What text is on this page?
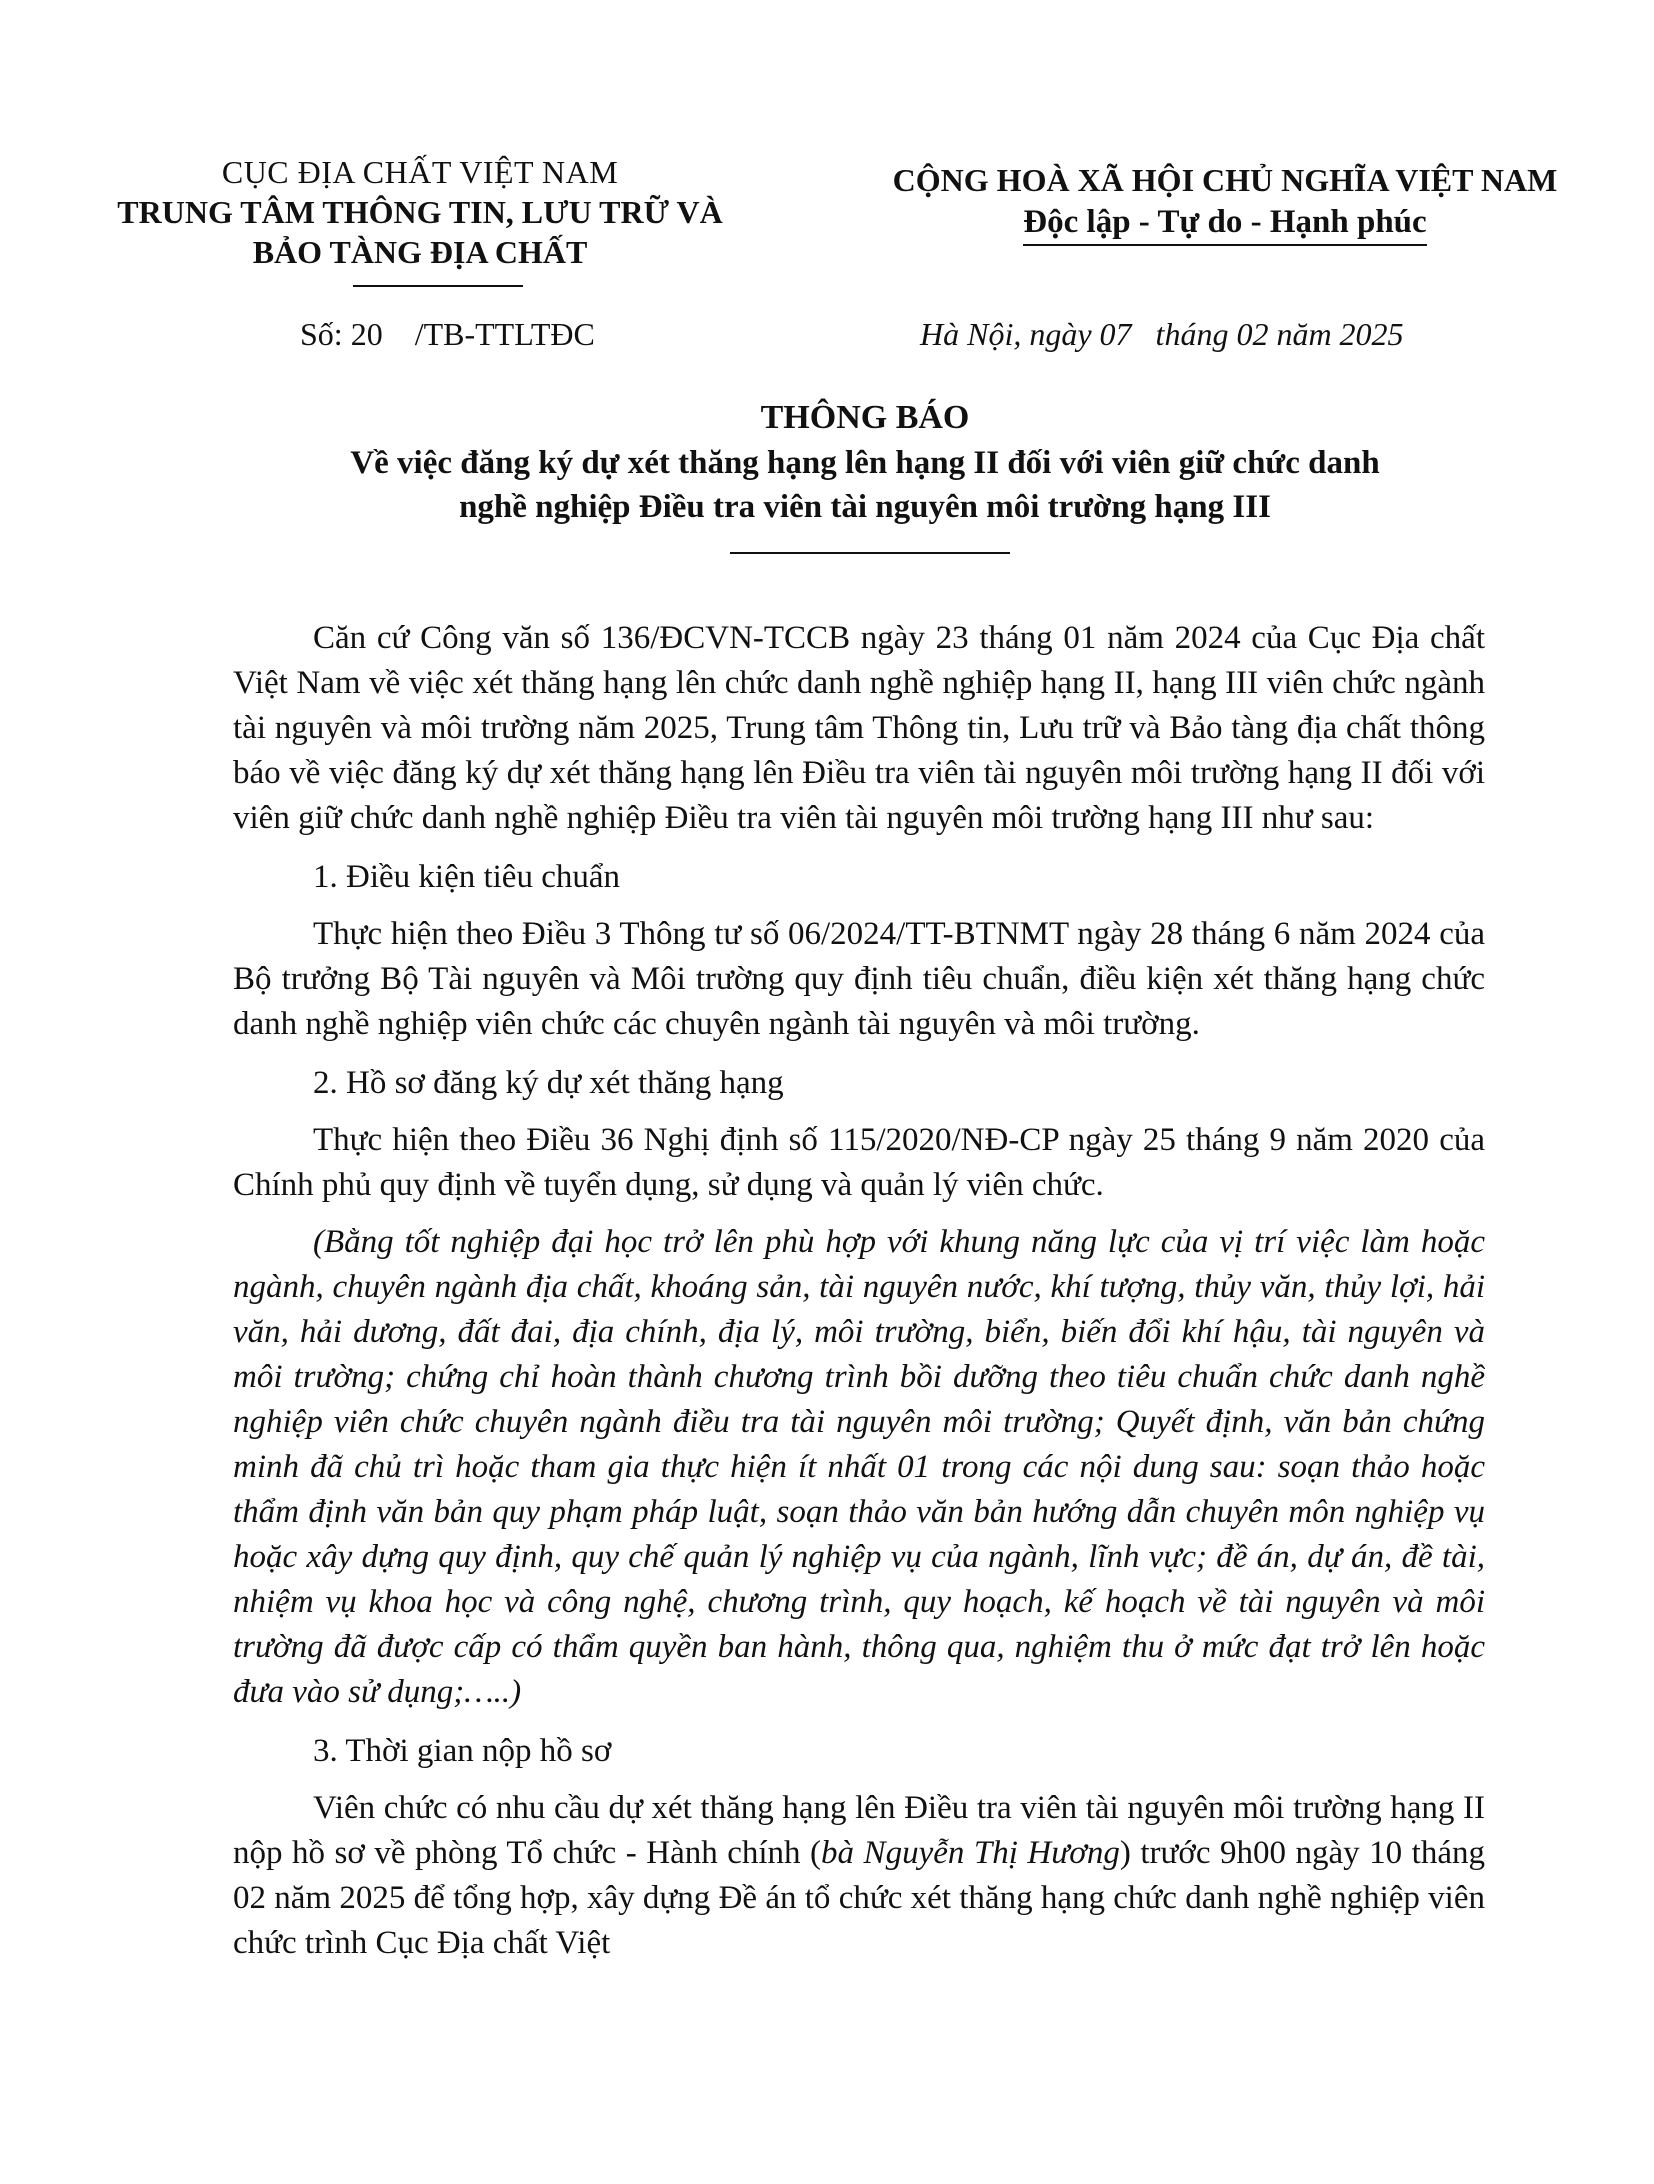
CỤC ĐỊA CHẤT VIỆT NAM
TRUNG TÂM THÔNG TIN, LƯU TRỮ VÀ
BẢO TÀNG ĐỊA CHẤT
CỘNG HOÀ XÃ HỘI CHỦ NGHĨA VIỆT NAM
Độc lập - Tự do - Hạnh phúc
Số: 20    /TB-TTLTĐC	Hà Nội, ngày 07   tháng 02 năm 2025
THÔNG BÁO
Về việc đăng ký dự xét thăng hạng lên hạng II đối với viên giữ chức danh
nghề nghiệp Điều tra viên tài nguyên môi trường hạng III

Căn cứ Công văn số 136/ĐCVN-TCCB ngày 23 tháng 01 năm 2024 của Cục Địa chất Việt Nam về việc xét thăng hạng lên chức danh nghề nghiệp hạng II, hạng III viên chức ngành tài nguyên và môi trường năm 2025, Trung tâm Thông tin, Lưu trữ và Bảo tàng địa chất thông báo về việc đăng ký dự xét thăng hạng lên Điều tra viên tài nguyên môi trường hạng II đối với viên giữ chức danh nghề nghiệp Điều tra viên tài nguyên môi trường hạng III như sau:

1. Điều kiện tiêu chuẩn

Thực hiện theo Điều 3 Thông tư số 06/2024/TT-BTNMT ngày 28 tháng 6 năm 2024 của Bộ trưởng Bộ Tài nguyên và Môi trường quy định tiêu chuẩn, điều kiện xét thăng hạng chức danh nghề nghiệp viên chức các chuyên ngành tài nguyên và môi trường.

2. Hồ sơ đăng ký dự xét thăng hạng

Thực hiện theo Điều 36 Nghị định số 115/2020/NĐ-CP ngày 25 tháng 9 năm 2020 của Chính phủ quy định về tuyển dụng, sử dụng và quản lý viên chức.

(Bằng tốt nghiệp đại học trở lên phù hợp với khung năng lực của vị trí việc làm hoặc ngành, chuyên ngành địa chất, khoáng sản, tài nguyên nước, khí tượng, thủy văn, thủy lợi, hải văn, hải dương, đất đai, địa chính, địa lý, môi trường, biển, biến đổi khí hậu, tài nguyên và môi trường; chứng chỉ hoàn thành chương trình bồi dưỡng theo tiêu chuẩn chức danh nghề nghiệp viên chức chuyên ngành điều tra tài nguyên môi trường; Quyết định, văn bản chứng minh đã chủ trì hoặc tham gia thực hiện ít nhất 01 trong các nội dung sau: soạn thảo hoặc thẩm định văn bản quy phạm pháp luật, soạn thảo văn bản hướng dẫn chuyên môn nghiệp vụ hoặc xây dựng quy định, quy chế quản lý nghiệp vụ của ngành, lĩnh vực; đề án, dự án, đề tài, nhiệm vụ khoa học và công nghệ, chương trình, quy hoạch, kế hoạch về tài nguyên và môi trường đã được cấp có thẩm quyền ban hành, thông qua, nghiệm thu ở mức đạt trở lên hoặc đưa vào sử dụng;…..)

3. Thời gian nộp hồ sơ

Viên chức có nhu cầu dự xét thăng hạng lên Điều tra viên tài nguyên môi trường hạng II nộp hồ sơ về phòng Tổ chức - Hành chính (bà Nguyễn Thị Hương) trước 9h00 ngày 10 tháng 02 năm 2025 để tổng hợp, xây dựng Đề án tổ chức xét thăng hạng chức danh nghề nghiệp viên chức trình Cục Địa chất Việt
